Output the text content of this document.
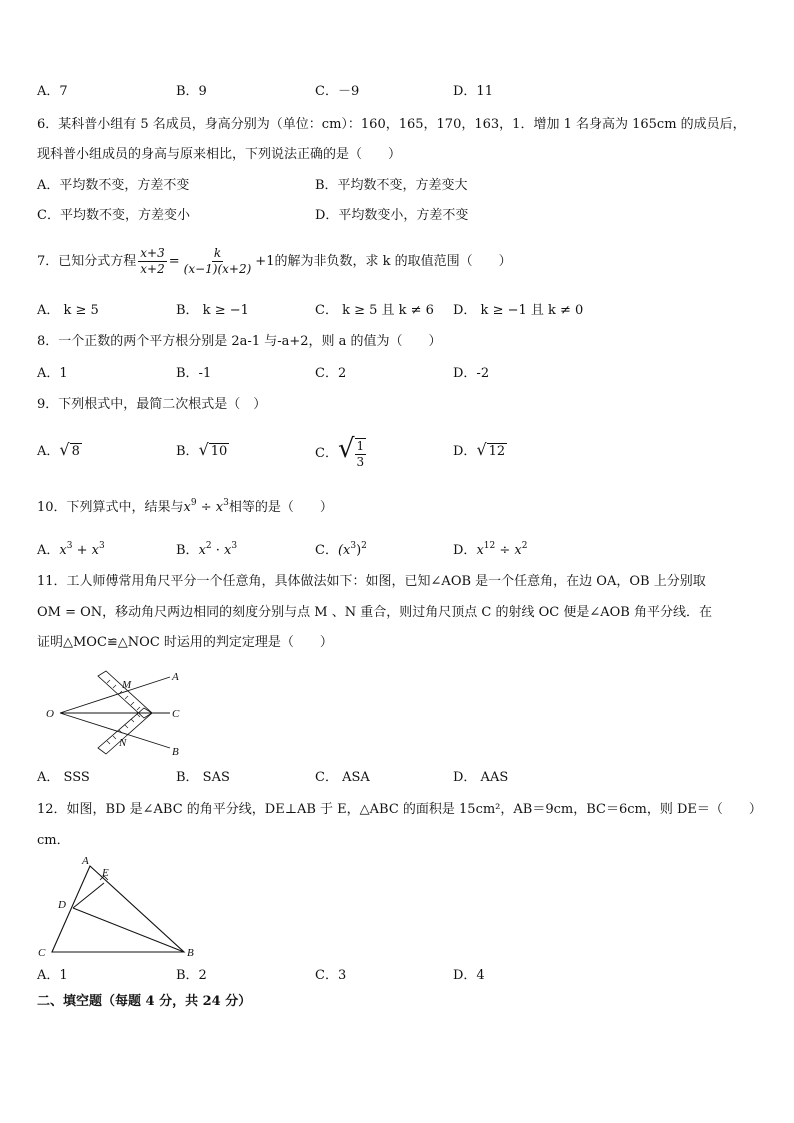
A．7	B．9	C．－9	D．11
6．某科普小组有 5 名成员，身高分别为（单位：cm）：160，165，170，163，1．增加 1 名身高为 165cm 的成员后，
现科普小组成员的身高与原来相比，下列说法正确的是（　　）
A．平均数不变，方差不变	B．平均数不变，方差变大
C．平均数不变，方差变小	D．平均数变小，方差不变
7．已知分式方程 $\frac{x+3}{x+2} = \frac{k}{(x-1)(x+2)} +1$的解为非负数，求 k 的取值范围（　　）
A． k ≥ 5	B． k ≥ −1	C． k ≥ 5 且 k ≠ 6 D． k ≥ −1 且 k ≠ 0
8．一个正数的两个平方根分别是 2a-1 与-a+2，则 a 的值为（　　）
A．1	B．-1	C．2	D．-2
9．下列根式中，最简二次根式是（　）
A．√ 8	B．√ 10	C．√ $\frac{1}{3}$	D．√ 12
10．下列算式中，结果与$x^9 \div x^3$相等的是（　　）
A．$x^3 + x^3$	B．$x^2 \cdot x^3$	C．$(x^3)^2$	D．$x^{12} \div x^2$
11．工人师傅常用角尺平分一个任意角，具体做法如下：如图，已知∠AOB 是一个任意角，在边 OA，OB 上分别取
OM = ON，移动角尺两边相同的刻度分别与点 M 、N 重合，则过角尺顶点 C 的射线 OC 便是∠AOB 角平分线．在
证明△MOC≌△NOC 时运用的判定定理是（　　）
O
A
B
C
M
N
A． SSS	B． SAS	C． ASA	D． AAS
12．如图，BD 是∠ABC 的角平分线，DE⊥AB 于 E，△ABC 的面积是 15cm²，AB＝9cm，BC＝6cm，则 DE＝（　　）
cm．
A
E
D
C	B
A．1	B．2	C．3	D．4
二、填空题（每题 4 分，共 24 分）
